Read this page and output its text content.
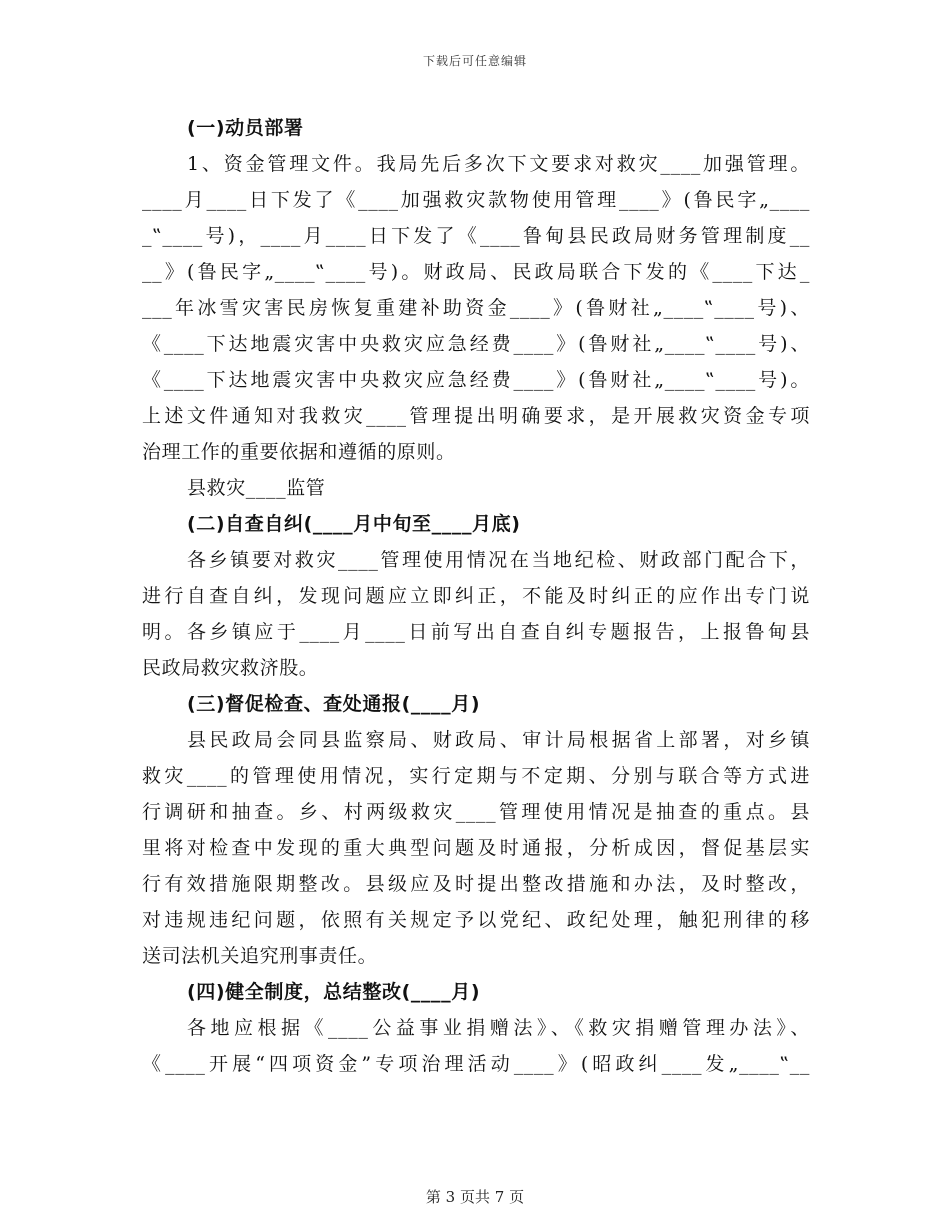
下载后可任意编辑
(一)动员部署
1、资金管理文件。我局先后多次下文要求对救灾____加强管理。
____月____日下发了《____加强救灾款物使用管理____》(鲁民字„____
_‟____号)，____月____日下发了《____鲁甸县民政局财务管理制度__
__》(鲁民字„____‟____号)。财政局、民政局联合下发的《____下达_
___年冰雪灾害民房恢复重建补助资金____》(鲁财社„____‟____号)、
《____下达地震灾害中央救灾应急经费____》(鲁财社„____‟____号)、
《____下达地震灾害中央救灾应急经费____》(鲁财社„____‟____号)。
上述文件通知对我救灾____管理提出明确要求，是开展救灾资金专项
治理工作的重要依据和遵循的原则。
县救灾____监管
(二)自查自纠(____月中旬至____月底)
各乡镇要对救灾____管理使用情况在当地纪检、财政部门配合下，
进行自查自纠，发现问题应立即纠正，不能及时纠正的应作出专门说
明。各乡镇应于____月____日前写出自查自纠专题报告，上报鲁甸县
民政局救灾救济股。
(三)督促检查、查处通报(____月)
县民政局会同县监察局、财政局、审计局根据省上部署，对乡镇
救灾____的管理使用情况，实行定期与不定期、分别与联合等方式进
行调研和抽查。乡、村两级救灾____管理使用情况是抽查的重点。县
里将对检查中发现的重大典型问题及时通报，分析成因，督促基层实
行有效措施限期整改。县级应及时提出整改措施和办法，及时整改，
对违规违纪问题，依照有关规定予以党纪、政纪处理，触犯刑律的移
送司法机关追究刑事责任。
(四)健全制度，总结整改(____月)
各地应根据《____公益事业捐赠法》、《救灾捐赠管理办法》、
《____开展“四项资金”专项治理活动____》(昭政纠____发„____‟__
第 3 页共 7 页
